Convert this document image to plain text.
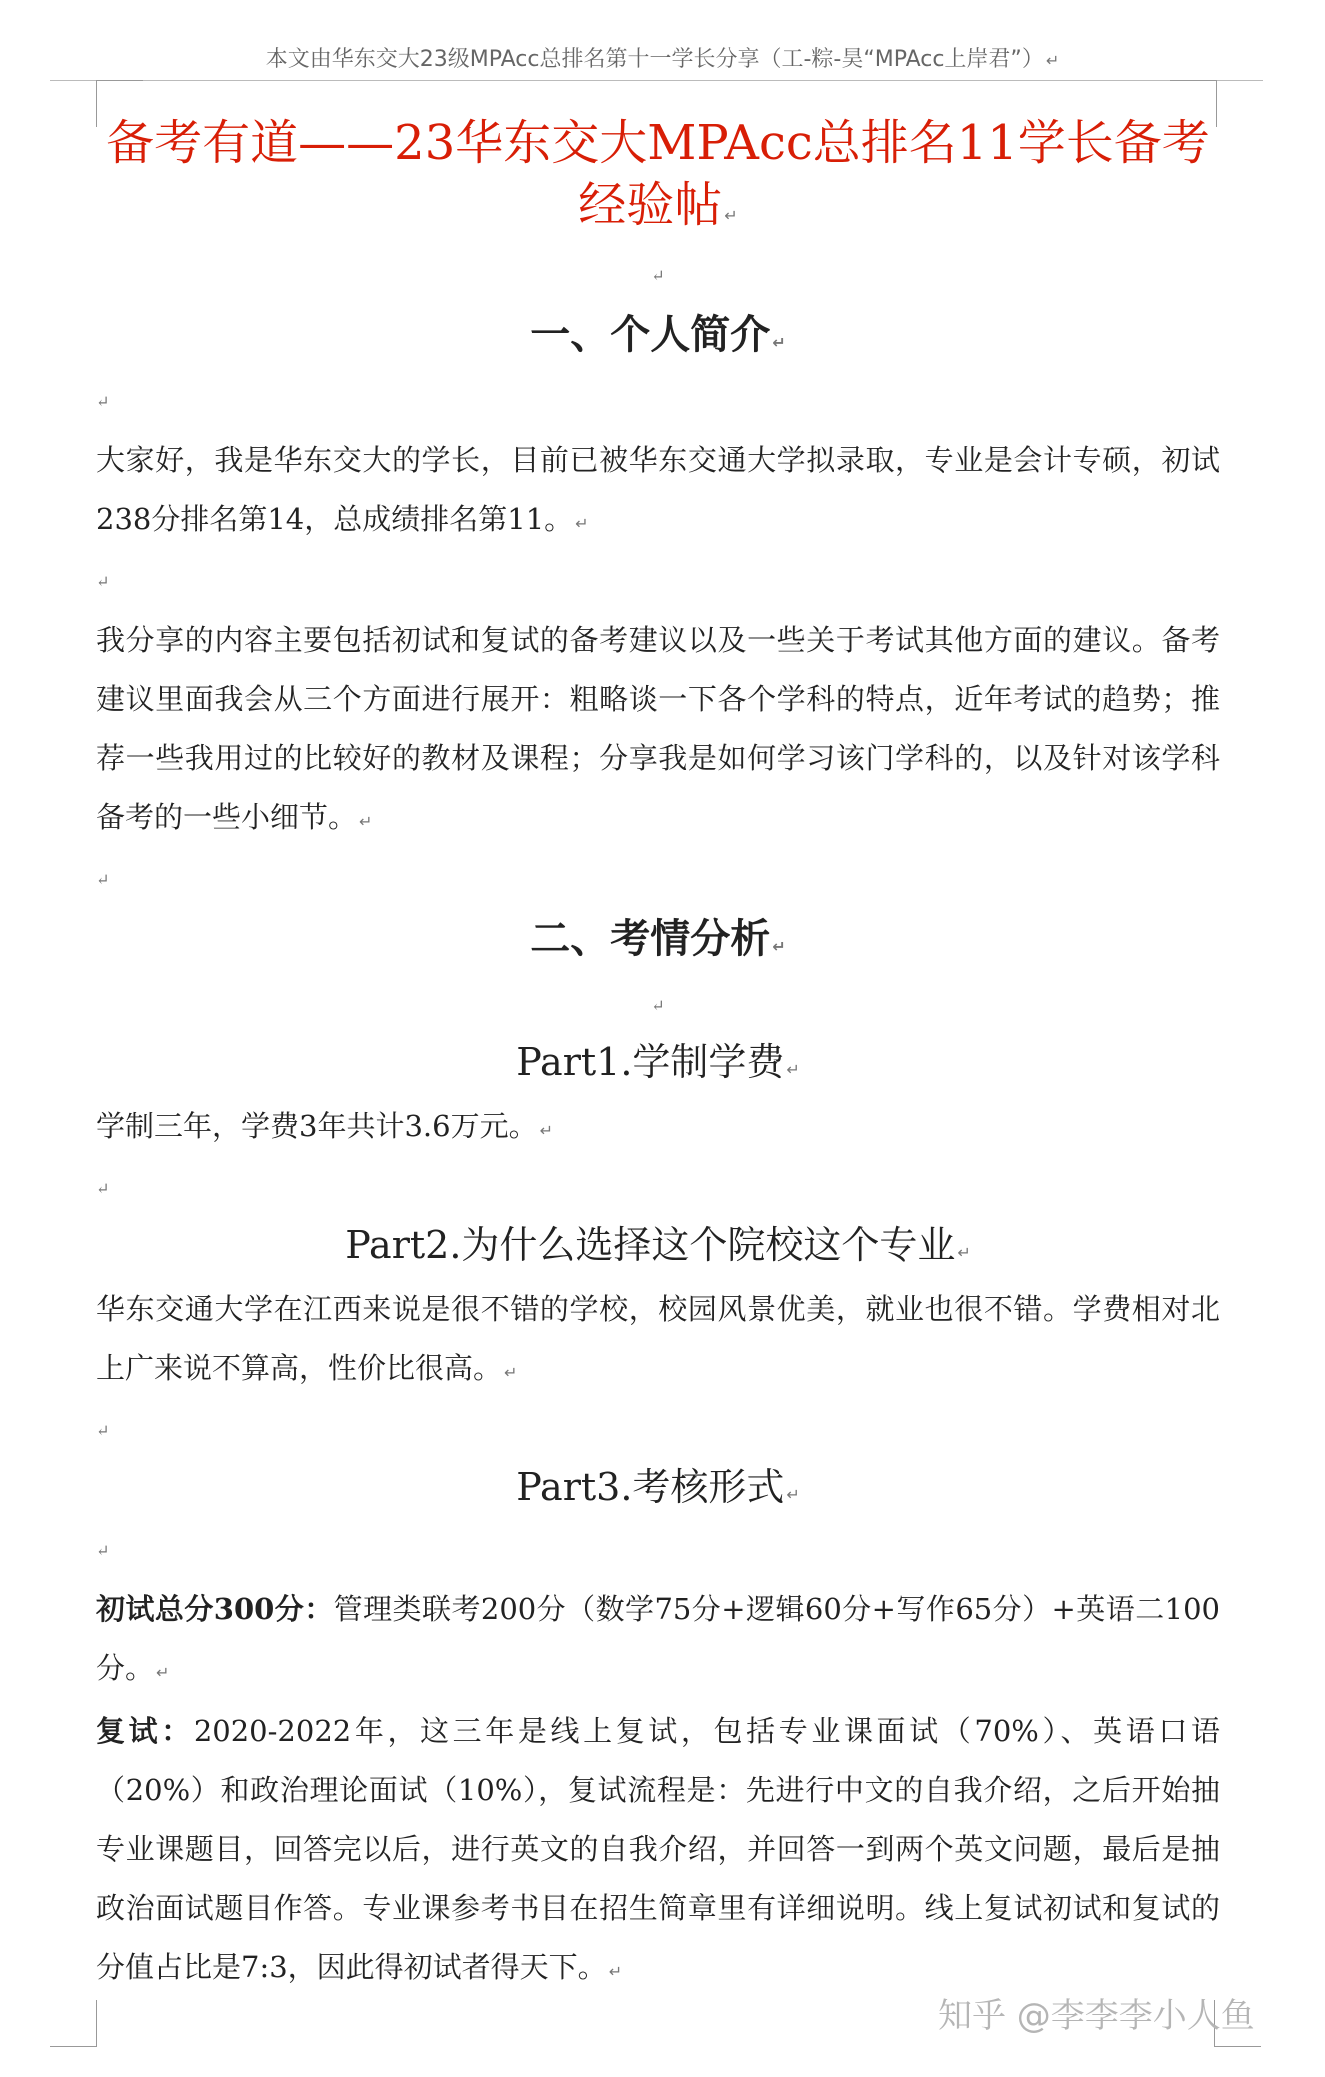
本文由华东交大23级MPAcc总排名第十一学长分享（工-粽-昊“MPAcc上岸君”） ↵
备考有道——23华东交大MPAcc总排名11学长备考经验帖 ↵
↵
一、个人简介 ↵
↵

大家好，我是华东交大的学长，目前已被华东交通大学拟录取，专业是会计专硕，初试238分排名第14，总成绩排名第11。 ↵

↵

我分享的内容主要包括初试和复试的备考建议以及一些关于考试其他方面的建议。备考建议里面我会从三个方面进行展开：粗略谈一下各个学科的特点，近年考试的趋势；推荐一些我用过的比较好的教材及课程；分享我是如何学习该门学科的，以及针对该学科备考的一些小细节。 ↵

↵
二、考情分析 ↵
↵
Part1.学制学费 ↵

学制三年，学费3年共计3.6万元。 ↵

↵
Part2.为什么选择这个院校这个专业 ↵

华东交通大学在江西来说是很不错的学校，校园风景优美，就业也很不错。学费相对北上广来说不算高，性价比很高。 ↵

↵
Part3.考核形式 ↵
↵

初试总分300分：管理类联考200分（数学75分+逻辑60分+写作65分）+英语二100分。 ↵

复试：2020-2022年，这三年是线上复试，包括专业课面试（70%）、英语口语（20%）和政治理论面试（10%），复试流程是：先进行中文的自我介绍，之后开始抽专业课题目，回答完以后，进行英文的自我介绍，并回答一到两个英文问题，最后是抽政治面试题目作答。专业课参考书目在招生简章里有详细说明。线上复试初试和复试的分值占比是7:3，因此得初试者得天下。 ↵

知乎 @李李李小人鱼
